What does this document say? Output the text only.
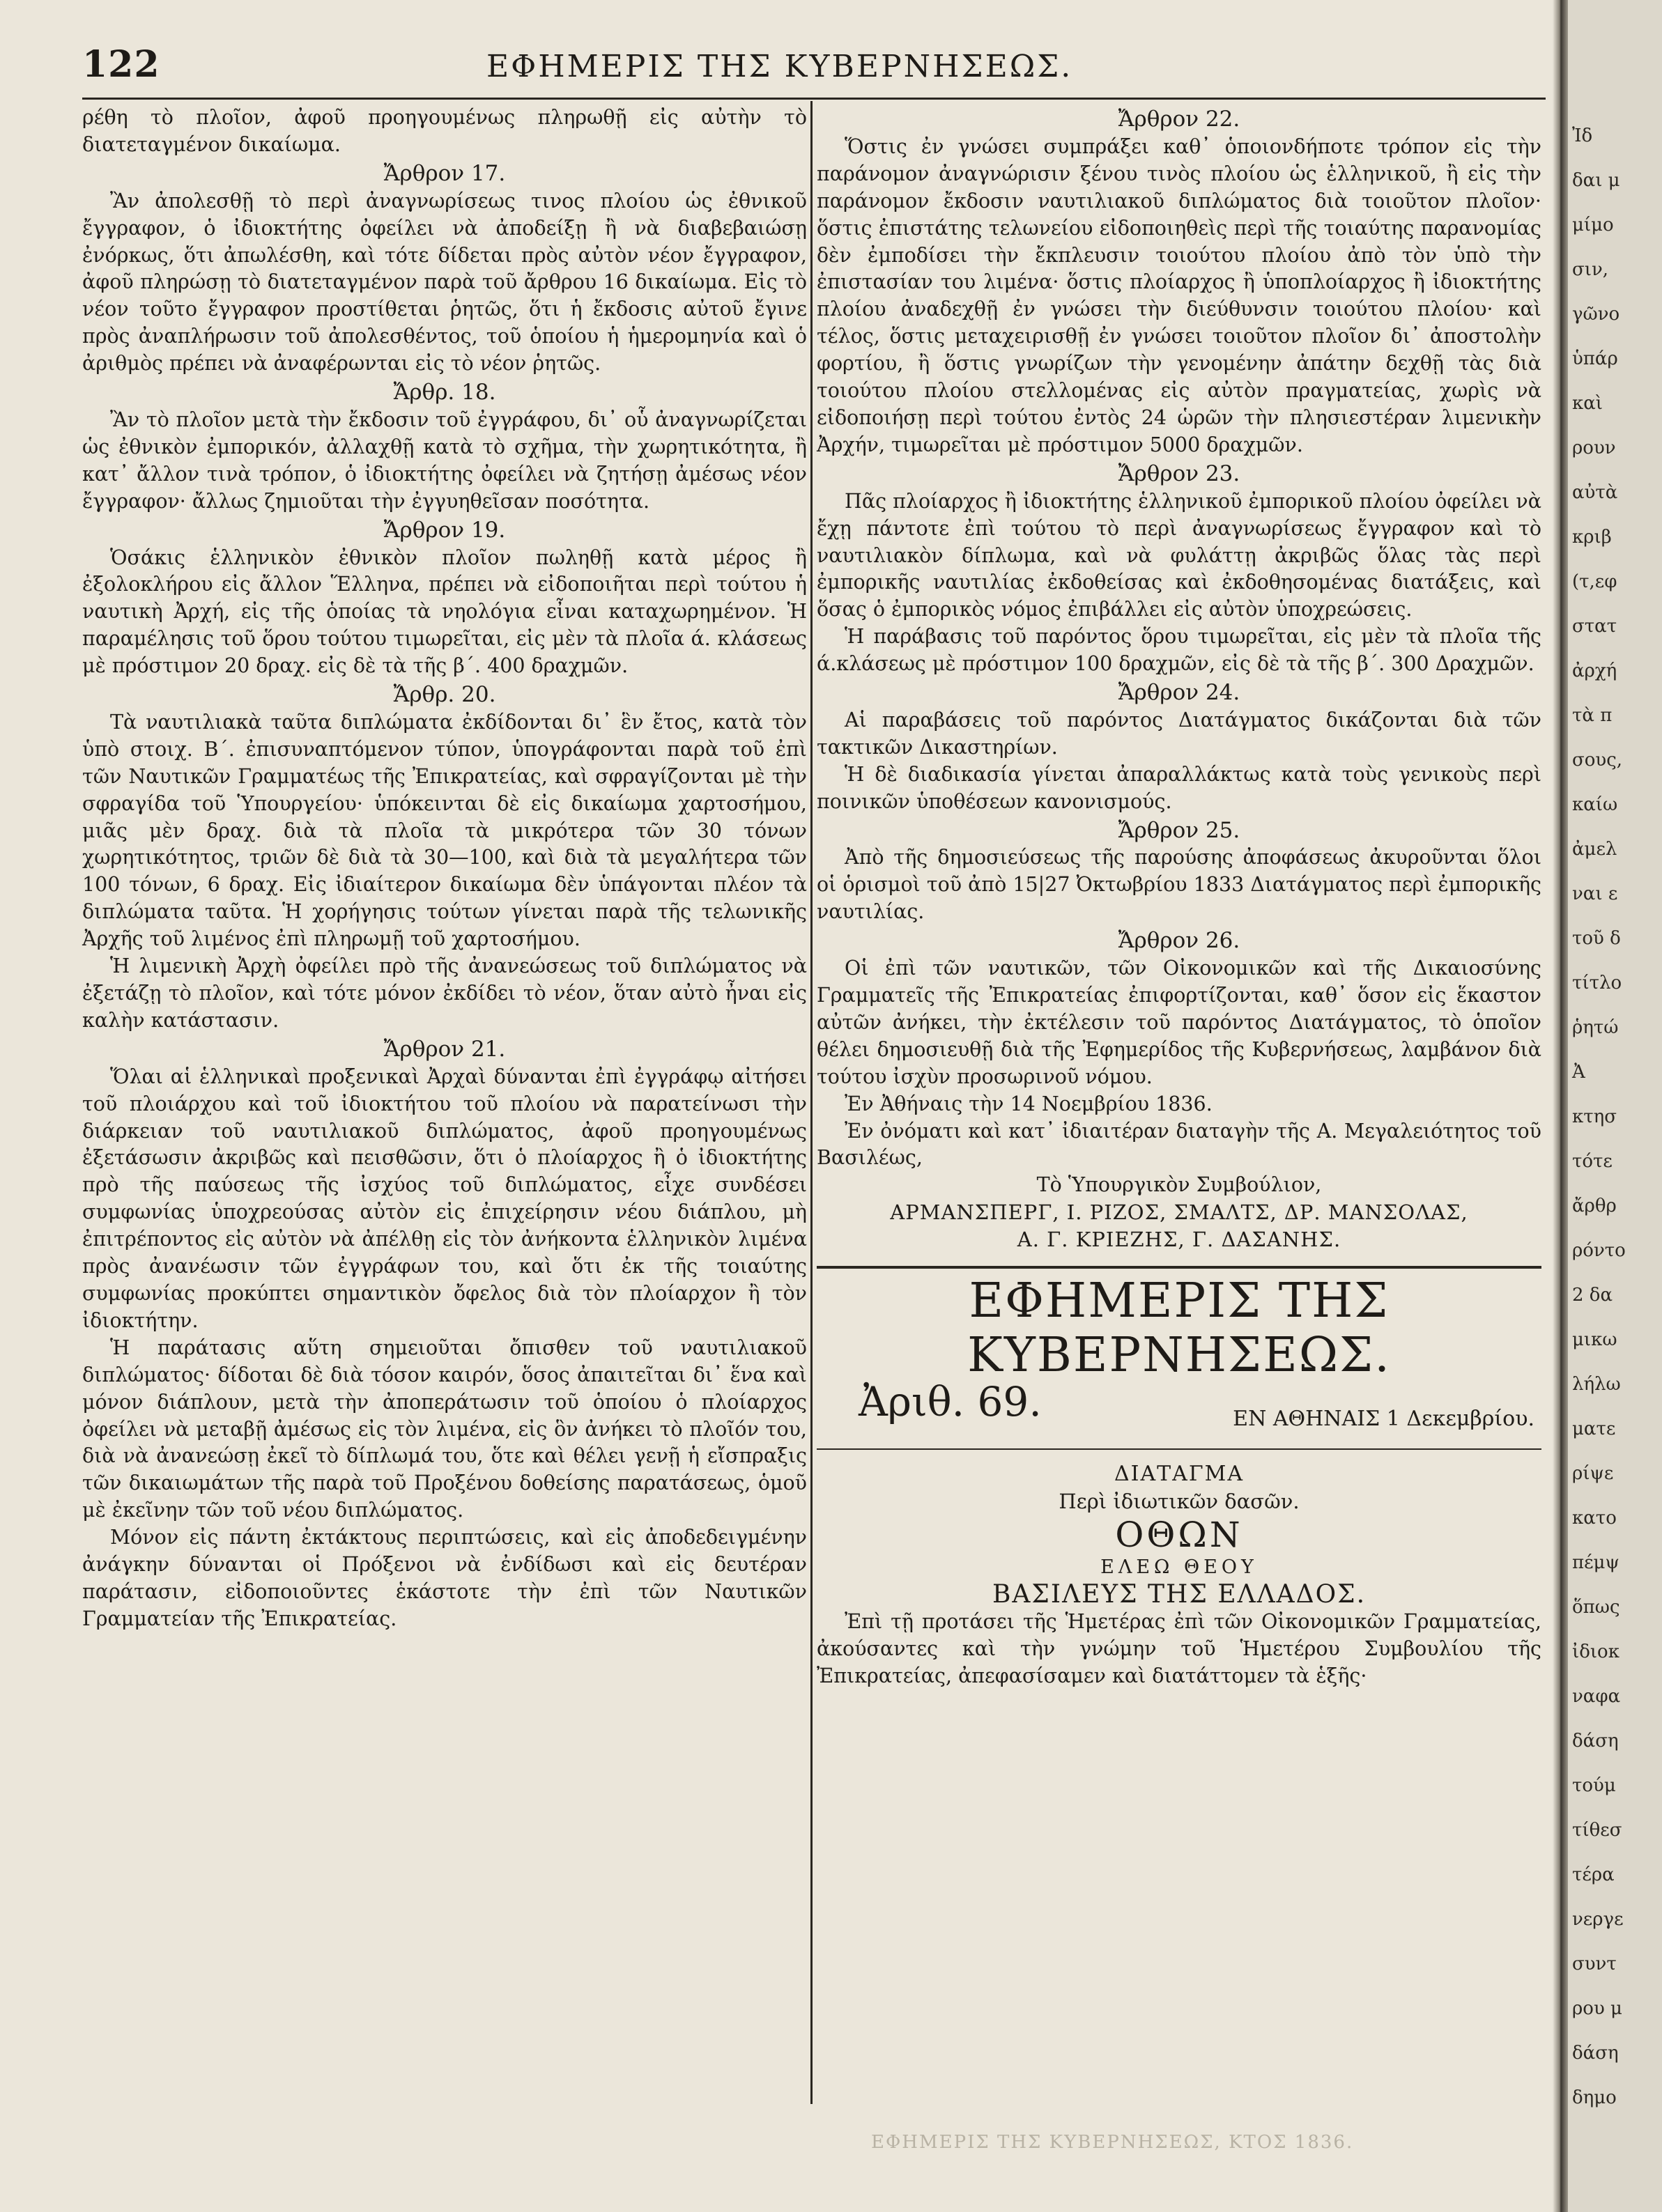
Ἰδ
δαι μ
μίμο
σιν,
γῶνο
ὑπάρ
καὶ
ρουν
αὐτὰ
κριβ
(τ,εφ
στατ
ἀρχή
τὰ π
σους,
καίω
ἀμελ
ναι ε
τοῦ δ
τίτλο
ῥητώ
Ἀ
κτησ
τότε
ἄρθρ
ρόντο
2 δα
μικω
λήλω
ματε
ρίψε
κατο
πέμψ
ὅπως
ἰδιοκ
ναφα
δάση
τούμ
τίθεσ
τέρα
νεργε
συντ
ρου μ
δάση
δημο
122	ΕΦΗΜΕΡΙΣ ΤΗΣ ΚΥΒΕΡΝΗΣΕΩΣ.

ρέθη τὸ πλοῖον, ἀφοῦ προηγουμένως πληρωθῇ εἰς αὐτὴν τὸ διατεταγμένον δικαίωμα.

Ἄρθρον 17.

Ἂν ἀπολεσθῇ τὸ περὶ ἀναγνωρίσεως τινος πλοίου ὡς ἐθνικοῦ ἔγγραφον, ὁ ἰδιοκτήτης ὀφείλει νὰ ἀποδείξῃ ἢ νὰ διαβεβαιώσῃ ἐνόρκως, ὅτι ἀπωλέσθη, καὶ τότε δίδεται πρὸς αὐτὸν νέον ἔγγραφον, ἀφοῦ πληρώσῃ τὸ διατεταγμένον παρὰ τοῦ ἄρθρου 16 δικαίωμα. Εἰς τὸ νέον τοῦτο ἔγγραφον προστίθεται ῥητῶς, ὅτι ἡ ἔκδοσις αὐτοῦ ἔγινε πρὸς ἀναπλήρωσιν τοῦ ἀπολεσθέντος, τοῦ ὁποίου ἡ ἡμερομηνία καὶ ὁ ἀριθμὸς πρέπει νὰ ἀναφέρωνται εἰς τὸ νέον ῥητῶς.

Ἄρθρ. 18.

Ἂν τὸ πλοῖον μετὰ τὴν ἔκδοσιν τοῦ ἐγγράφου, δι᾽ οὗ ἀναγνωρίζεται ὡς ἐθνικὸν ἐμπορικόν, ἀλλαχθῇ κατὰ τὸ σχῆμα, τὴν χωρητικότητα, ἢ κατ᾽ ἄλλον τινὰ τρόπον, ὁ ἰδιοκτήτης ὀφείλει νὰ ζητήσῃ ἀμέσως νέον ἔγγραφον· ἄλλως ζημιοῦται τὴν ἐγγυηθεῖσαν ποσότητα.

Ἄρθρον 19.

Ὁσάκις ἑλληνικὸν ἐθνικὸν πλοῖον πωληθῇ κατὰ μέρος ἢ ἐξολοκλήρου εἰς ἄλλον Ἕλληνα, πρέπει νὰ εἰδοποιῆται περὶ τούτου ἡ ναυτικὴ Ἀρχή, εἰς τῆς ὁποίας τὰ νηολόγια εἶναι καταχωρημένον. Ἡ παραμέλησις τοῦ ὅρου τούτου τιμωρεῖται, εἰς μὲν τὰ πλοῖα ά. κλάσεως μὲ πρόστιμον 20 δραχ. εἰς δὲ τὰ τῆς β΄. 400 δραχμῶν.

Ἄρθρ. 20.

Τὰ ναυτιλιακὰ ταῦτα διπλώματα ἐκδίδονται δι᾽ ἓν ἔτος, κατὰ τὸν ὑπὸ στοιχ. Β΄. ἐπισυναπτόμενον τύπον, ὑπογράφονται παρὰ τοῦ ἐπὶ τῶν Ναυτικῶν Γραμματέως τῆς Ἐπικρατείας, καὶ σφραγίζονται μὲ τὴν σφραγίδα τοῦ Ὑπουργείου· ὑπόκεινται δὲ εἰς δικαίωμα χαρτοσήμου, μιᾶς μὲν δραχ. διὰ τὰ πλοῖα τὰ μικρότερα τῶν 30 τόνων χωρητικότητος, τριῶν δὲ διὰ τὰ 30—100, καὶ διὰ τὰ μεγαλήτερα τῶν 100 τόνων, 6 δραχ. Εἰς ἰδιαίτερον δικαίωμα δὲν ὑπάγονται πλέον τὰ διπλώματα ταῦτα. Ἡ χορήγησις τούτων γίνεται παρὰ τῆς τελωνικῆς Ἀρχῆς τοῦ λιμένος ἐπὶ πληρωμῇ τοῦ χαρτοσήμου.

Ἡ λιμενικὴ Ἀρχὴ ὀφείλει πρὸ τῆς ἀνανεώσεως τοῦ διπλώματος νὰ ἐξετάζῃ τὸ πλοῖον, καὶ τότε μόνον ἐκδίδει τὸ νέον, ὅταν αὐτὸ ἦναι εἰς καλὴν κατάστασιν.

Ἄρθρον 21.

Ὅλαι αἱ ἑλληνικαὶ προξενικαὶ Ἀρχαὶ δύνανται ἐπὶ ἐγγράφῳ αἰτήσει τοῦ πλοιάρχου καὶ τοῦ ἰδιοκτήτου τοῦ πλοίου νὰ παρατείνωσι τὴν διάρκειαν τοῦ ναυτιλιακοῦ διπλώματος, ἀφοῦ προηγουμένως ἐξετάσωσιν ἀκριβῶς καὶ πεισθῶσιν, ὅτι ὁ πλοίαρχος ἢ ὁ ἰδιοκτήτης πρὸ τῆς παύσεως τῆς ἰσχύος τοῦ διπλώματος, εἶχε συνδέσει συμφωνίας ὑποχρεούσας αὐτὸν εἰς ἐπιχείρησιν νέου διάπλου, μὴ ἐπιτρέποντος εἰς αὐτὸν νὰ ἀπέλθῃ εἰς τὸν ἀνήκοντα ἑλληνικὸν λιμένα πρὸς ἀνανέωσιν τῶν ἐγγράφων του, καὶ ὅτι ἐκ τῆς τοιαύτης συμφωνίας προκύπτει σημαντικὸν ὄφελος διὰ τὸν πλοίαρχον ἢ τὸν ἰδιοκτήτην.

Ἡ παράτασις αὕτη σημειοῦται ὄπισθεν τοῦ ναυτιλιακοῦ διπλώματος· δίδοται δὲ διὰ τόσον καιρόν, ὅσος ἀπαιτεῖται δι᾽ ἕνα καὶ μόνον διάπλουν, μετὰ τὴν ἀποπεράτωσιν τοῦ ὁποίου ὁ πλοίαρχος ὀφείλει νὰ μεταβῇ ἀμέσως εἰς τὸν λιμένα, εἰς ὃν ἀνήκει τὸ πλοῖόν του, διὰ νὰ ἀνανεώσῃ ἐκεῖ τὸ δίπλωμά του, ὅτε καὶ θέλει γενῇ ἡ εἴσπραξις τῶν δικαιωμάτων τῆς παρὰ τοῦ Προξένου δοθείσης παρατάσεως, ὁμοῦ μὲ ἐκεῖνην τῶν τοῦ νέου διπλώματος.

Μόνον εἰς πάντη ἐκτάκτους περιπτώσεις, καὶ εἰς ἀποδεδειγμένην ἀνάγκην δύνανται οἱ Πρόξενοι νὰ ἐνδίδωσι καὶ εἰς δευτέραν παράτασιν, εἰδοποιοῦντες ἑκάστοτε τὴν ἐπὶ τῶν Ναυτικῶν Γραμματείαν τῆς Ἐπικρατείας.

Ἄρθρον 22.

Ὅστις ἐν γνώσει συμπράξει καθ᾽ ὁποιονδήποτε τρόπον εἰς τὴν παράνομον ἀναγνώρισιν ξένου τινὸς πλοίου ὡς ἑλληνικοῦ, ἢ εἰς τὴν παράνομον ἔκδοσιν ναυτιλιακοῦ διπλώματος διὰ τοιοῦτον πλοῖον· ὅστις ἐπιστάτης τελωνείου εἰδοποιηθεὶς περὶ τῆς τοιαύτης παρανομίας δὲν ἐμποδίσει τὴν ἔκπλευσιν τοιούτου πλοίου ἀπὸ τὸν ὑπὸ τὴν ἐπιστασίαν του λιμένα· ὅστις πλοίαρχος ἢ ὑποπλοίαρχος ἢ ἰδιοκτήτης πλοίου ἀναδεχθῇ ἐν γνώσει τὴν διεύθυνσιν τοιούτου πλοίου· καὶ τέλος, ὅστις μεταχειρισθῇ ἐν γνώσει τοιοῦτον πλοῖον δι᾽ ἀποστολὴν φορτίου, ἢ ὅστις γνωρίζων τὴν γενομένην ἀπάτην δεχθῇ τὰς διὰ τοιούτου πλοίου στελλομένας εἰς αὐτὸν πραγματείας, χωρὶς νὰ εἰδοποιήσῃ περὶ τούτου ἐντὸς 24 ὡρῶν τὴν πλησιεστέραν λιμενικὴν Ἀρχήν, τιμωρεῖται μὲ πρόστιμον 5000 δραχμῶν.

Ἄρθρον 23.

Πᾶς πλοίαρχος ἢ ἰδιοκτήτης ἑλληνικοῦ ἐμπορικοῦ πλοίου ὀφείλει νὰ ἔχῃ πάντοτε ἐπὶ τούτου τὸ περὶ ἀναγνωρίσεως ἔγγραφον καὶ τὸ ναυτιλιακὸν δίπλωμα, καὶ νὰ φυλάττῃ ἀκριβῶς ὅλας τὰς περὶ ἐμπορικῆς ναυτιλίας ἐκδοθείσας καὶ ἐκδοθησομένας διατάξεις, καὶ ὅσας ὁ ἐμπορικὸς νόμος ἐπιβάλλει εἰς αὐτὸν ὑποχρεώσεις.

Ἡ παράβασις τοῦ παρόντος ὅρου τιμωρεῖται, εἰς μὲν τὰ πλοῖα τῆς ά.κλάσεως μὲ πρόστιμον 100 δραχμῶν, εἰς δὲ τὰ τῆς β΄. 300 Δραχμῶν.

Ἄρθρον 24.

Αἱ παραβάσεις τοῦ παρόντος Διατάγματος δικάζονται διὰ τῶν τακτικῶν Δικαστηρίων.

Ἡ δὲ διαδικασία γίνεται ἀπαραλλάκτως κατὰ τοὺς γενικοὺς περὶ ποινικῶν ὑποθέσεων κανονισμούς.

Ἄρθρον 25.

Ἀπὸ τῆς δημοσιεύσεως τῆς παρούσης ἀποφάσεως ἀκυροῦνται ὅλοι οἱ ὁρισμοὶ τοῦ ἀπὸ 15|27 Ὀκτωβρίου 1833 Διατάγματος περὶ ἐμπορικῆς ναυτιλίας.

Ἄρθρον 26.

Οἱ ἐπὶ τῶν ναυτικῶν, τῶν Οἰκονομικῶν καὶ τῆς Δικαιοσύνης Γραμματεῖς τῆς Ἐπικρατείας ἐπιφορτίζονται, καθ᾽ ὅσον εἰς ἕκαστον αὐτῶν ἀνήκει, τὴν ἐκτέλεσιν τοῦ παρόντος Διατάγματος, τὸ ὁποῖον θέλει δημοσιευθῇ διὰ τῆς Ἐφημερίδος τῆς Κυβερνήσεως, λαμβάνον διὰ τούτου ἰσχὺν προσωρινοῦ νόμου.

Ἐν Ἀθήναις τὴν 14 Νοεμβρίου 1836.

Ἐν ὀνόματι καὶ κατ᾽ ἰδιαιτέραν διαταγὴν τῆς Α. Μεγαλειότητος τοῦ Βασιλέως,

Τὸ Ὑπουργικὸν Συμβούλιον,
ΑΡΜΑΝΣΠΕΡΓ, Ι. ΡΙΖΟΣ, ΣΜΑΛΤΣ, ΔΡ. ΜΑΝΣΟΛΑΣ,
Α. Γ. ΚΡΙΕΖΗΣ, Γ. ΔΑΣΑΝΗΣ.
ΕΦΗΜΕΡΙΣ ΤΗΣ ΚΥΒΕΡΝΗΣΕΩΣ.
Ἀριθ. 69.	ΕΝ ΑΘΗΝΑΙΣ 1 Δεκεμβρίου.
ΔΙΑΤΑΓΜΑ
Περὶ ἰδιωτικῶν δασῶν.
ΟΘΩΝ
ΕΛΕΩ ΘΕΟΥ
ΒΑΣΙΛΕΥΣ ΤΗΣ ΕΛΛΑΔΟΣ.

Ἐπὶ τῇ προτάσει τῆς Ἡμετέρας ἐπὶ τῶν Οἰκονομικῶν Γραμματείας, ἀκούσαντες καὶ τὴν γνώμην τοῦ Ἡμετέρου Συμβουλίου τῆς Ἐπικρατείας, ἀπεφασίσαμεν καὶ διατάττομεν τὰ ἑξῆς·

ΕΦΗΜΕΡΙΣ ΤΗΣ ΚΥΒΕΡΝΗΣΕΩΣ, ΚΤΟΣ 1836.
